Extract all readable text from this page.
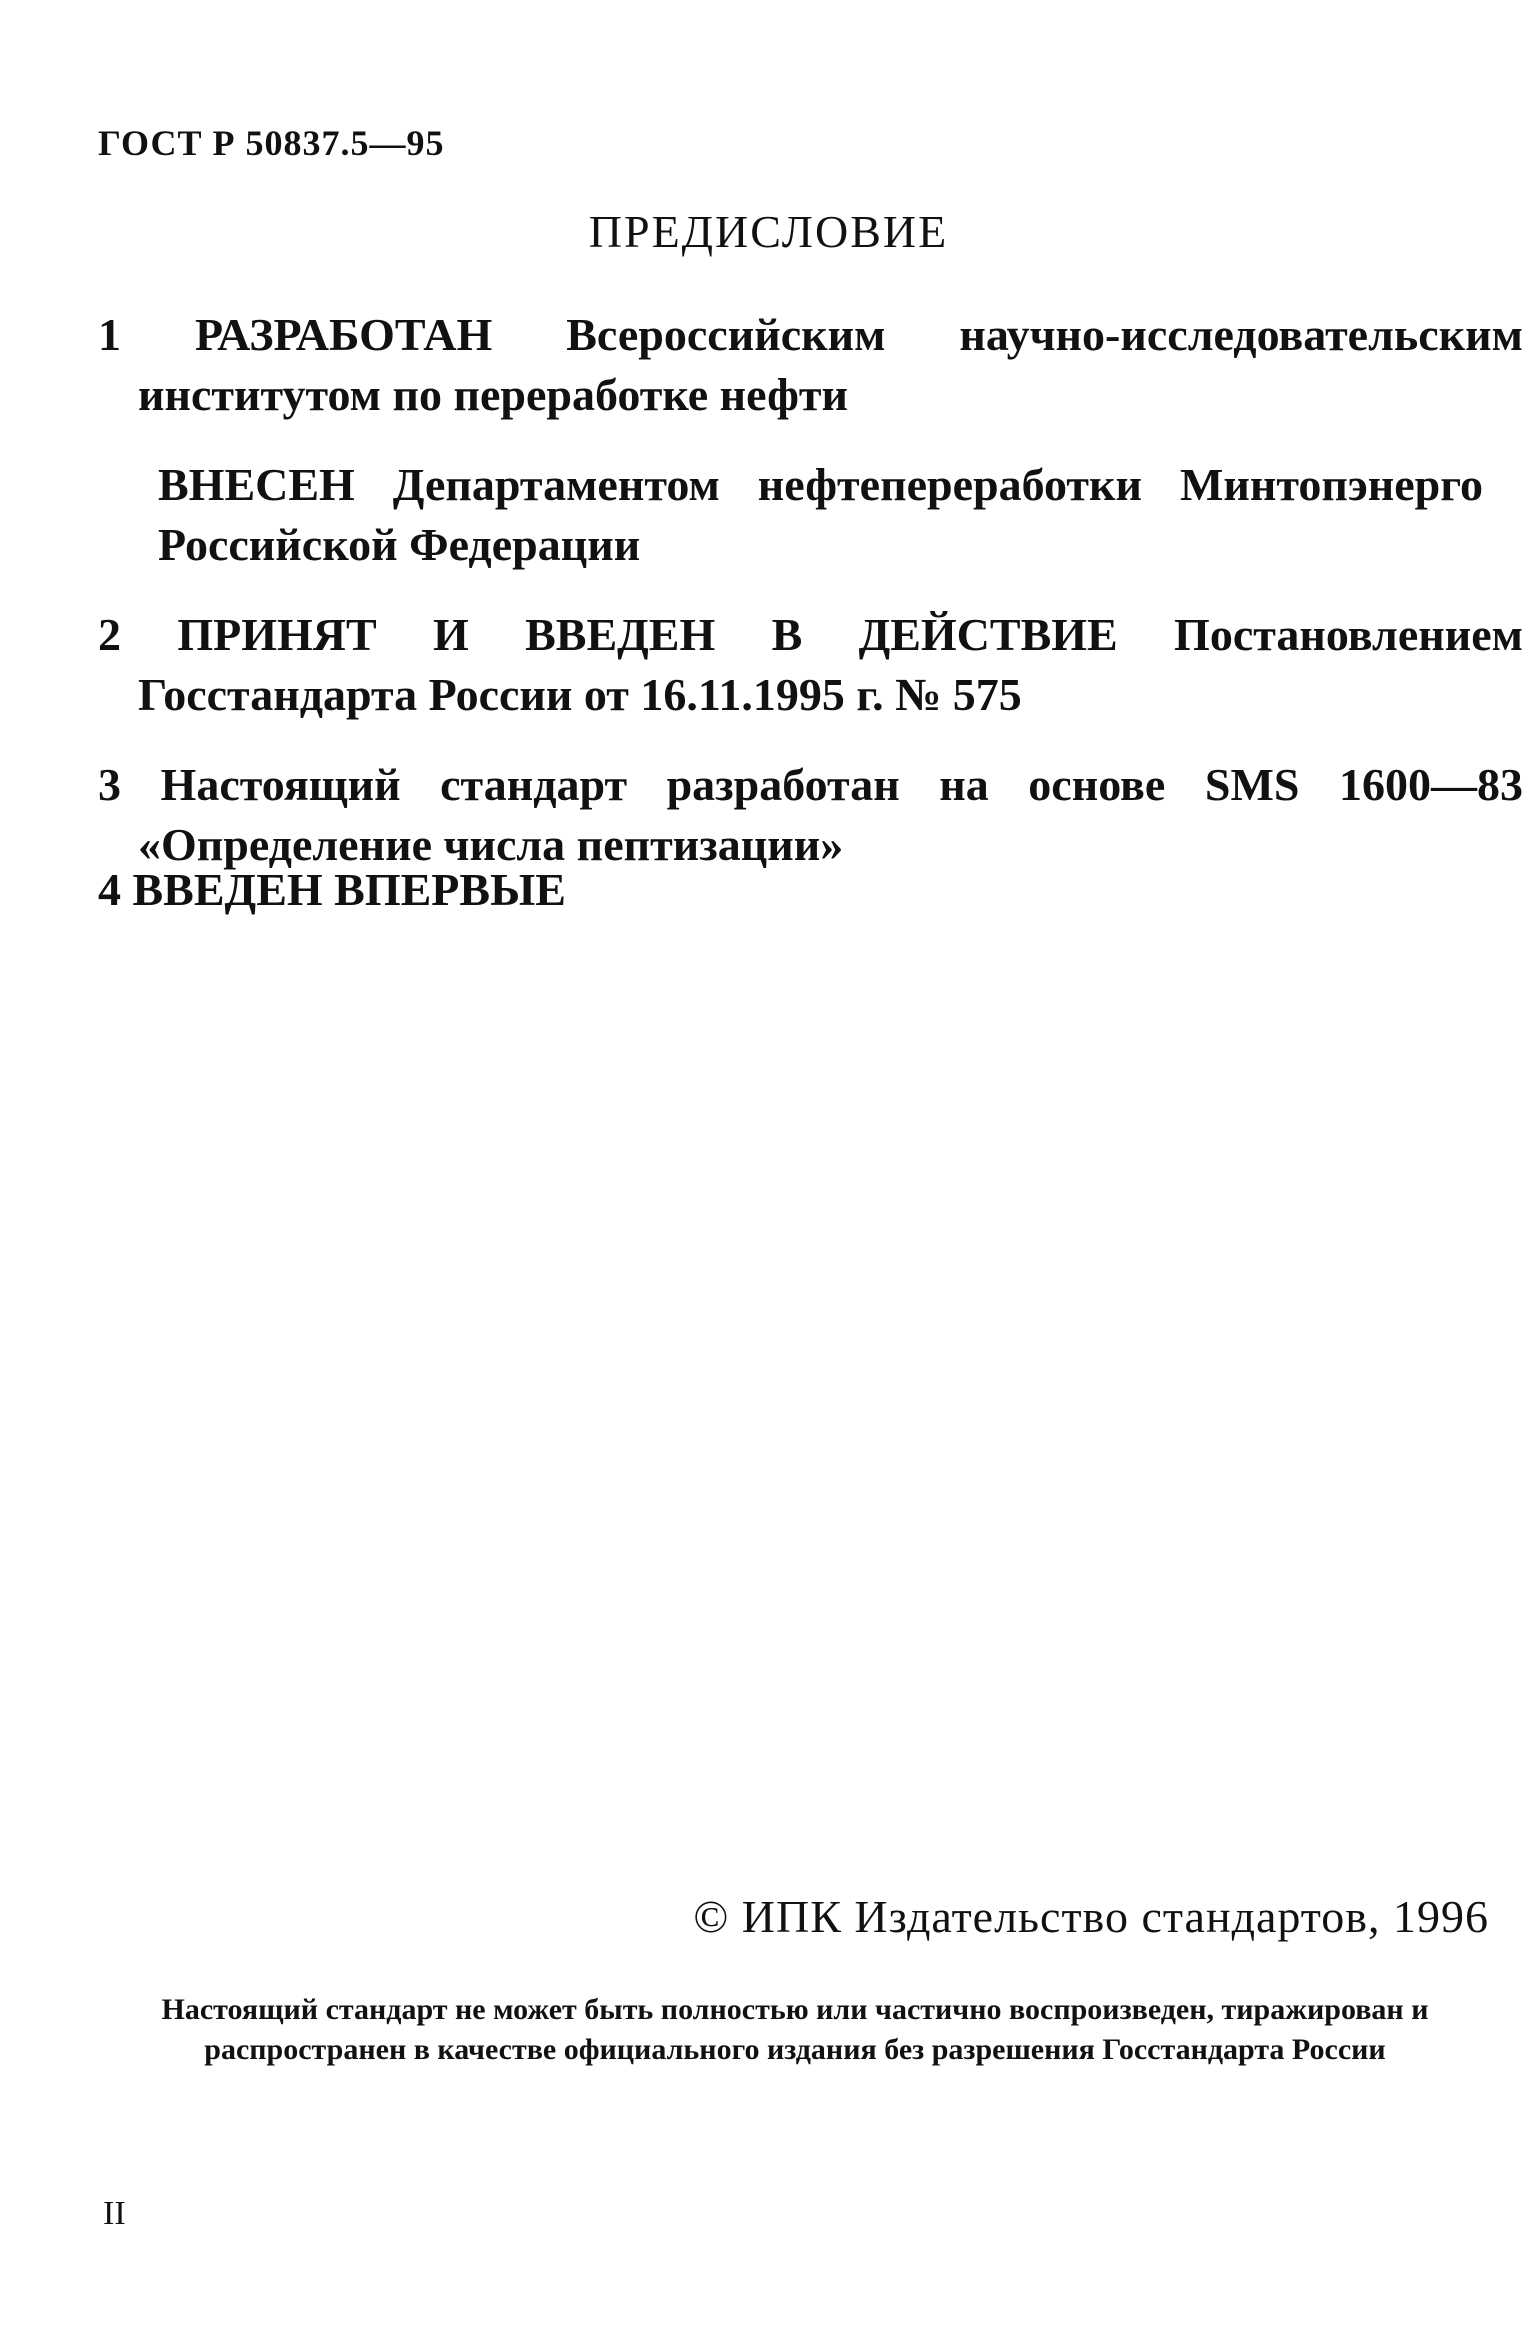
ГОСТ Р 50837.5—95
ПРЕДИСЛОВИЕ
1 РАЗРАБОТАН Всероссийским научно-исследовательским институтом по переработке нефти
ВНЕСЕН Департаментом нефтепереработки Минтопэнерго Российской Федерации
2 ПРИНЯТ И ВВЕДЕН В ДЕЙСТВИЕ Постановлением Госстандарта России от 16.11.1995 г. № 575
3 Настоящий стандарт разработан на основе SMS 1600—83 «Определение числа пептизации»
4 ВВЕДЕН ВПЕРВЫЕ
© ИПК Издательство стандартов, 1996
Настоящий стандарт не может быть полностью или частично воспроизведен, тиражирован и распространен в качестве официального издания без разрешения Госстандарта России
II
